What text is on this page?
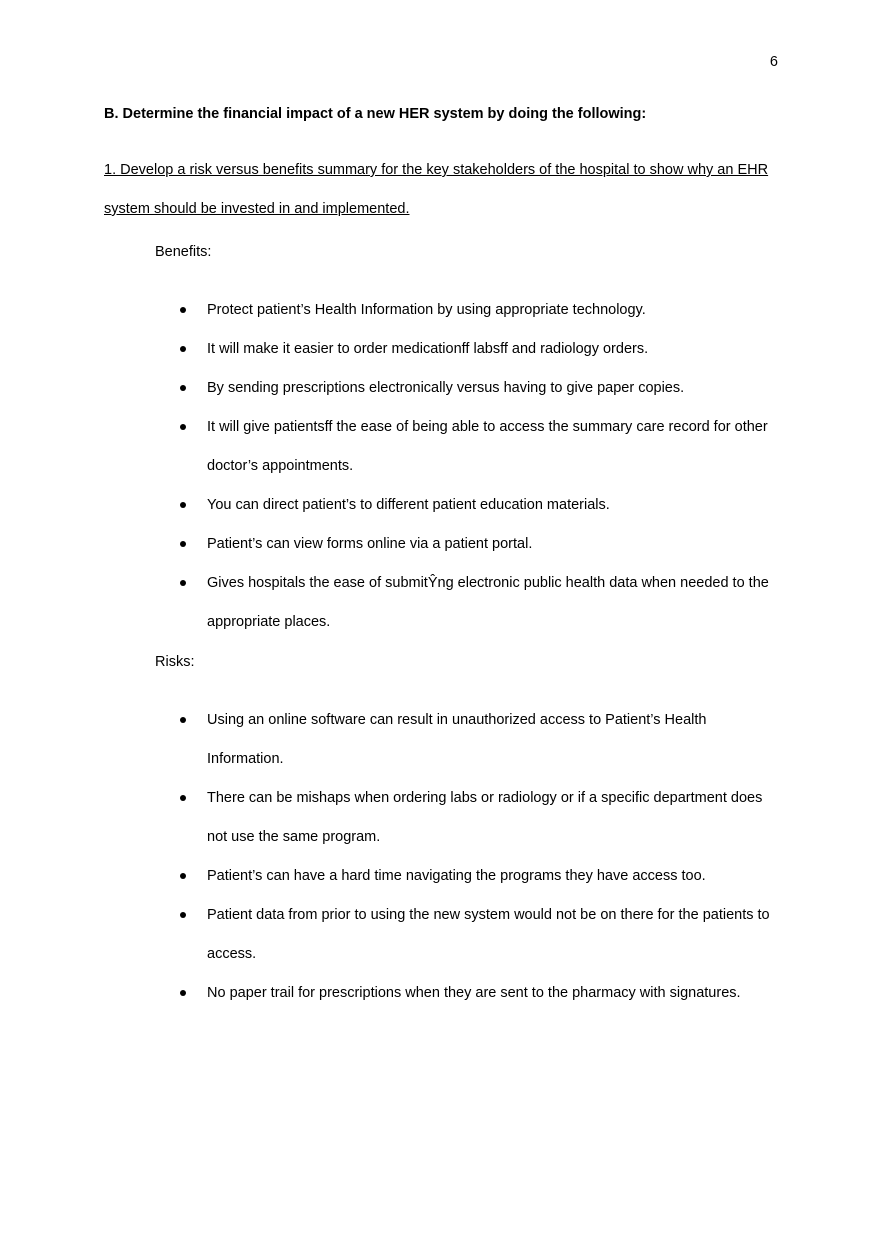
6
B. Determine the financial impact of a new HER system by doing the following:
1. Develop a risk versus benefits summary for the key stakeholders of the hospital to show why an EHR system should be invested in and implemented.
Benefits:
Protect patient’s Health Information by using appropriate technology.
It will make it easier to order medicationff labsff and radiology orders.
By sending prescriptions electronically versus having to give paper copies.
It will give patientsff the ease of being able to access the summary care record for other doctor’s appointments.
You can direct patient’s to different patient education materials.
Patient’s can view forms online via a patient portal.
Gives hospitals the ease of submitŶng electronic public health data when needed to the appropriate places.
Risks:
Using an online software can result in unauthorized access to Patient’s Health Information.
There can be mishaps when ordering labs or radiology or if a specific department does not use the same program.
Patient’s can have a hard time navigating the programs they have access too.
Patient data from prior to using the new system would not be on there for the patients to access.
No paper trail for prescriptions when they are sent to the pharmacy with signatures.
